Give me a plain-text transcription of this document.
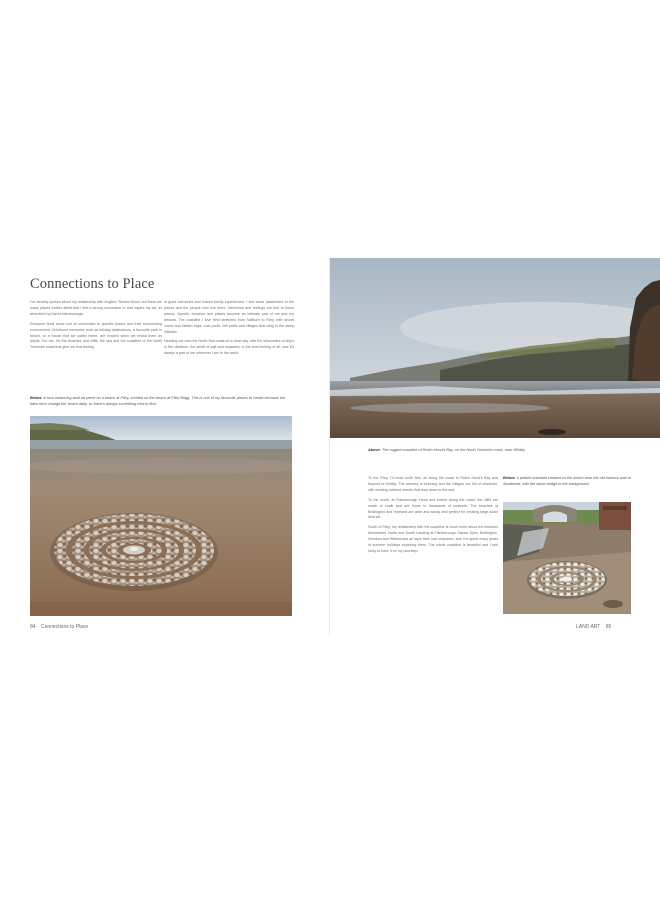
Connections to Place

I've already spoken about my relationship with Anglers' Stones Wood, but there are many places further afield that I feel a strong connection to that inspire my art, as described by David Attenborough.

Everyone feels some sort of connection to specific places and their surrounding environment. Childhood memories such as holiday destinations, a favourite park or beach, or a house that we called home, are evoked when we revisit them as adults. For me, it's the beaches and cliffs, the sea and the coastline of the North Yorkshire coast that give me that feeling.

of good memories and shared family experiences. I feel some attachment to the places and the people who live there. Memories and feelings are tied to these places. Specific beaches and places become an intimate part of me and my artwork. The coastline I love best stretches from Saltburn to Filey, with secret coves and hidden bays, rock pools, cliff paths and villages that cling to the steep hillsides.

Heading out onto the North Sea coast on a clear day, with the silhouettes of ships in the distance, the smell of salt and seaweed, is the best feeling of all, and it's always a part of me wherever I am in the world.

Below: A rock-balancing land art piece on a beach at Filey, created on the beach at Filey Brigg. This is one of my favourite places to create because the tides here change the beach daily, so there's always something new to find.

84 Connections to Place

Above: The rugged coastline of Robin Hood's Bay, on the North Yorkshire coast, near Whitby.

To the Filey, I'd head north first, all along the coast to Robin Hood's Bay and beyond to Whitby. The scenery is stunning and the villages are full of character, with winding cobbled streets that lead down to the sea.

To the south, at Flamborough Head and further along the coast, the cliffs are made of chalk and are home to thousands of seabirds. The beaches at Bridlington and Hornsea are wide and sandy and perfect for creating large-scale land art.

South of Filey, my relationship with the coastline is much more about the beaches themselves. North and South Landing at Flamborough, Danes Dyke, Bridlington, Hornsea and Withernsea all have their own character, and I've spent many years of summer holidays exploring them. The whole coastline is beautiful and I feel lucky to have it on my doorstep.

Below: A pebble mandala created on the beach near the old harbour wall at Sandsend, with the stone bridge in the background.

LAND ART 85
